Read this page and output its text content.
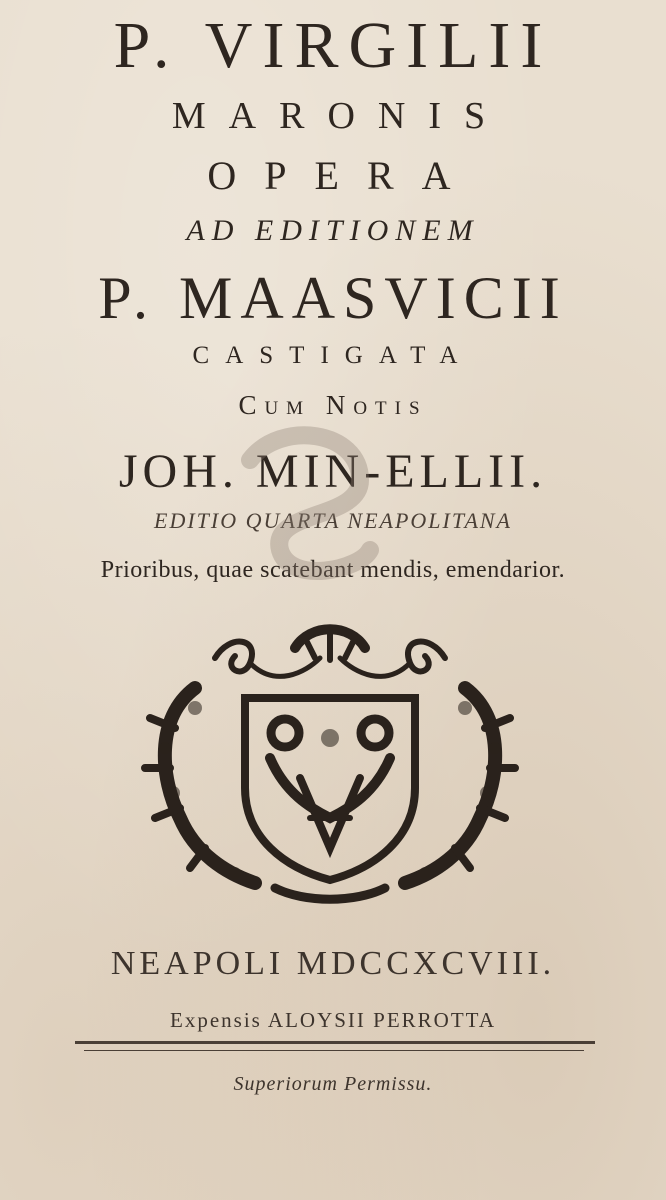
P. VIRGILII

MARONIS

OPERA

AD EDITIONEM

P. MAASVICII

CASTIGATA

Cum Notis

JOH. MIN-ELLII.

EDITIO QUARTA NEAPOLITANA

Prioribus, quae scatebant mendis, emendarior.

NEAPOLI MDCCXCVIII.

Expensis ALOYSII PERROTTA

Superiorum Permissu.
